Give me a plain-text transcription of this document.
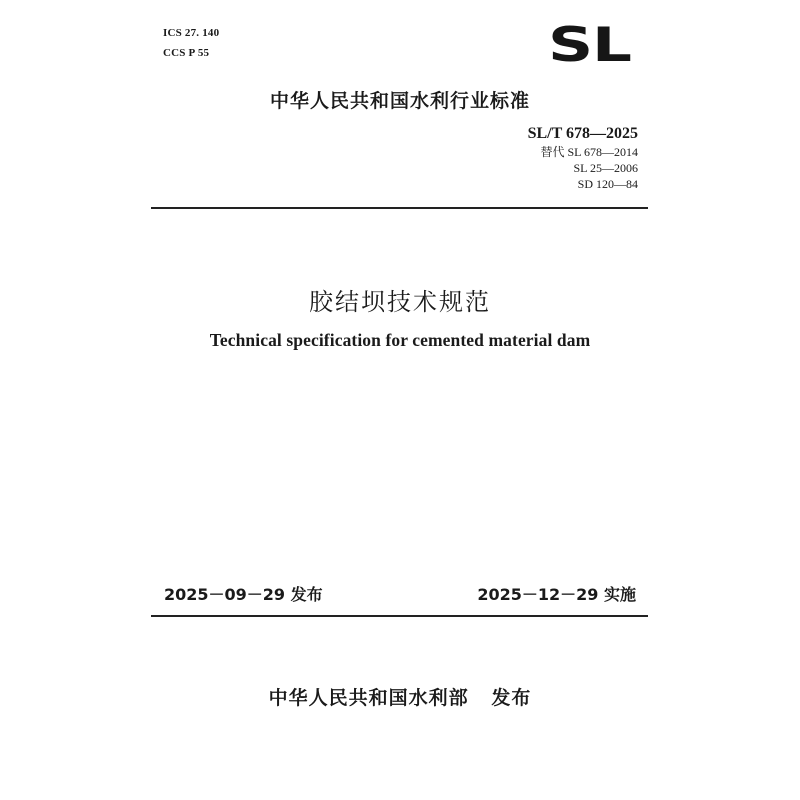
ICS 27. 140
CCS P 55	SL
中华人民共和国水利行业标准
SL/T 678—2025
替代 SL 678—2014
SL 25—2006
SD 120—84
胶结坝技术规范
Technical specification for cemented material dam
2025－09－29 发布	2025－12－29 实施
中华人民共和国水利部   发布
